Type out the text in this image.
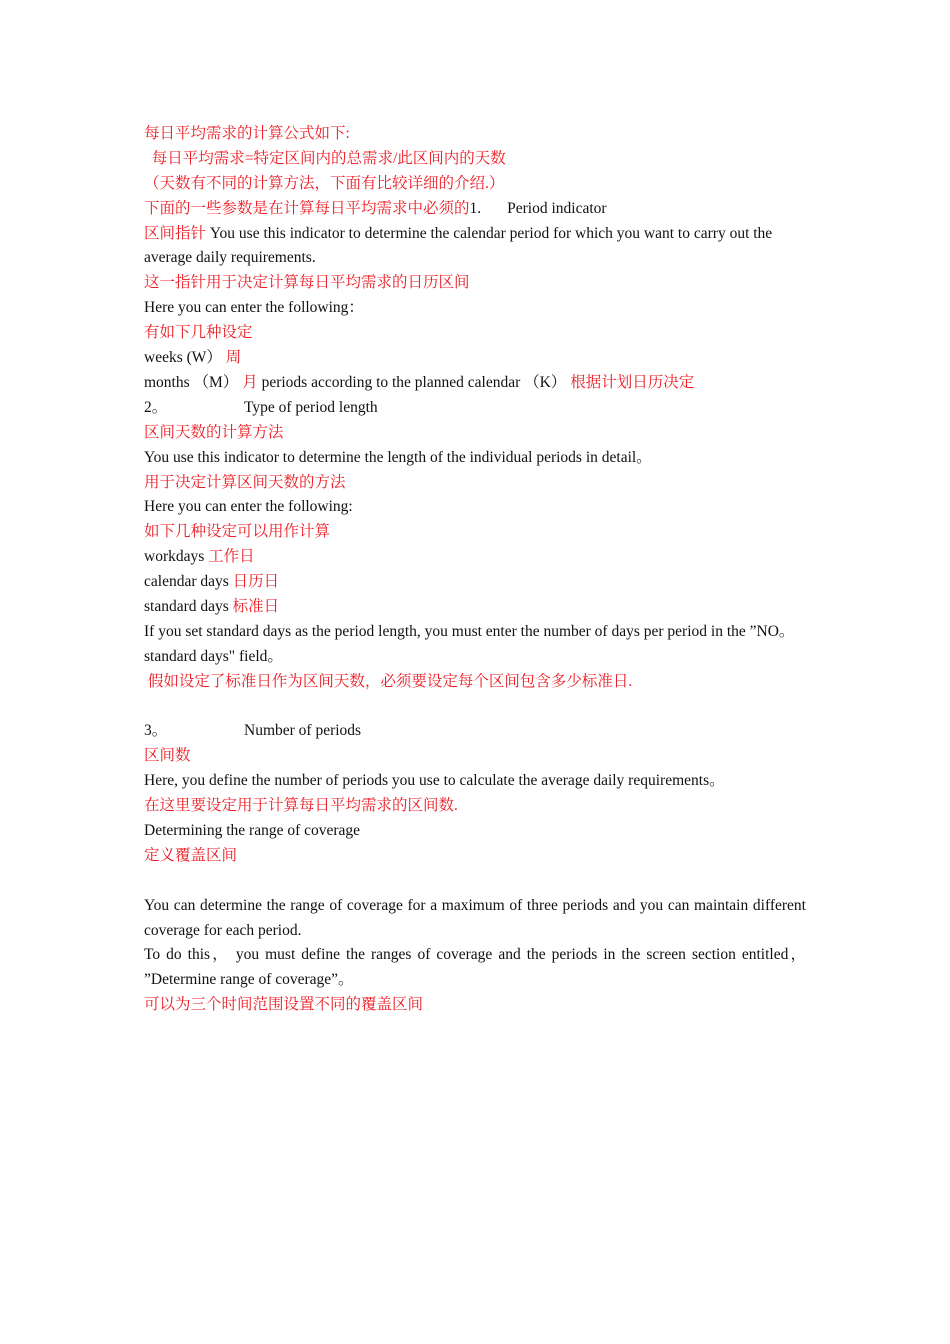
每日平均需求的计算公式如下:
每日平均需求=特定区间内的总需求/此区间内的天数
（天数有不同的计算方法，下面有比较详细的介绍.）
下面的一些参数是在计算每日平均需求中必须的1. Period indicator
区间指针 You use this indicator to determine the calendar period for which you want to carry out the average daily requirements.
这一指针用于决定计算每日平均需求的日历区间
Here you can enter the following：
有如下几种设定
weeks (W） 周
months （M） 月 periods according to the planned calendar （K） 根据计划日历决定
2。	Type of period length
区间天数的计算方法
You use this indicator to determine the length of the individual periods in detail。
用于决定计算区间天数的方法
Here you can enter the following:
如下几种设定可以用作计算
workdays 工作日
calendar days 日历日
standard days 标准日
If you set standard days as the period length, you must enter the number of days per period in the ”NO。 standard days" field。
假如设定了标准日作为区间天数，必须要设定每个区间包含多少标准日.
3。	Number of periods
区间数
Here, you define the number of periods you use to calculate the average daily requirements。
在这里要设定用于计算每日平均需求的区间数.
Determining the range of coverage
定义覆盖区间
You can determine the range of coverage for a maximum of three periods and you can maintain different coverage for each period.
To do this， you must define the ranges of coverage and the periods in the screen section entitled， ”Determine range of coverage”。
可以为三个时间范围设置不同的覆盖区间
